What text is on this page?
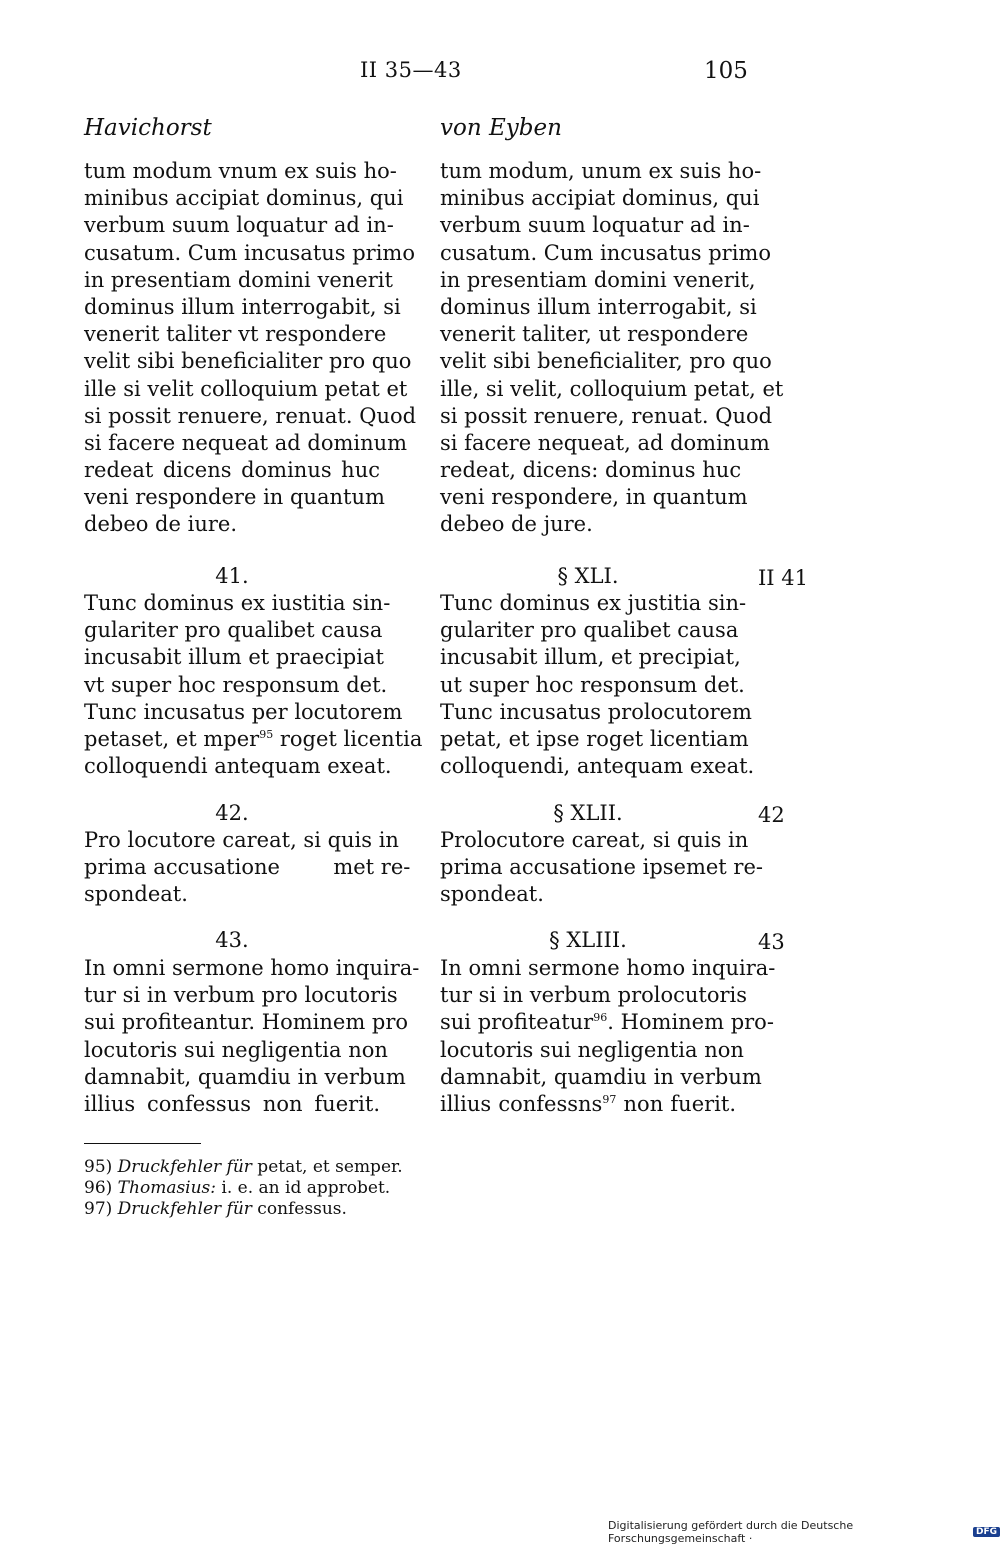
II 35—43	105
Havichorst	von Eyben
tum modum vnum ex suis ho-
minibus accipiat dominus, qui
verbum suum loquatur ad in-
cusatum. Cum incusatus primo
in presentiam domini venerit
dominus illum interrogabit, si
venerit taliter vt respondere
velit sibi beneficialiter pro quo
ille si velit colloquium petat et
si possit renuere, renuat. Quod
si facere nequeat ad dominum
redeat dicens dominus huc
veni respondere in quantum
debeo de iure.
41.
Tunc dominus ex iustitia sin-
gulariter pro qualibet causa
incusabit illum et praecipiat
vt super hoc responsum det.
Tunc incusatus per locutorem
petaset, et mper$^{95}$ roget licentia
colloquendi antequam exeat.
42.
Pro locutore careat, si quis in
prima accusatione        met re-
spondeat.
43.
In omni sermone homo inquira-
tur si in verbum pro locutoris
sui profiteantur. Hominem pro
locutoris sui negligentia non
damnabit, quamdiu in verbum
illius confessus non fuerit.
tum modum, unum ex suis ho-
minibus accipiat dominus, qui
verbum suum loquatur ad in-
cusatum. Cum incusatus primo
in presentiam domini venerit,
dominus illum interrogabit, si
venerit taliter, ut respondere
velit sibi beneficialiter, pro quo
ille, si velit, colloquium petat, et
si possit renuere, renuat. Quod
si facere nequeat, ad dominum
redeat, dicens: dominus huc
veni respondere, in quantum
debeo de jure.
§ XLI.
Tunc dominus ex justitia sin-
gulariter pro qualibet causa
incusabit illum, et precipiat,
ut super hoc responsum det.
Tunc incusatus prolocutorem
petat, et ipse roget licentiam
colloquendi, antequam exeat.
§ XLII.
Prolocutore careat, si quis in
prima accusatione ipsemet re-
spondeat.
§ XLIII.
In omni sermone homo inquira-
tur si in verbum prolocutoris
sui profiteatur$^{96}$. Hominem pro-
locutoris sui negligentia non
damnabit, quamdiu in verbum
illius confessns$^{97}$ non fuerit.
II 41
42
43
95) Druckfehler für petat, et semper.
96) Thomasius: i. e. an id approbet.
97) Druckfehler für confessus.
Digitalisierung gefördert durch die Deutsche Forschungsgemeinschaft ·	DFG
